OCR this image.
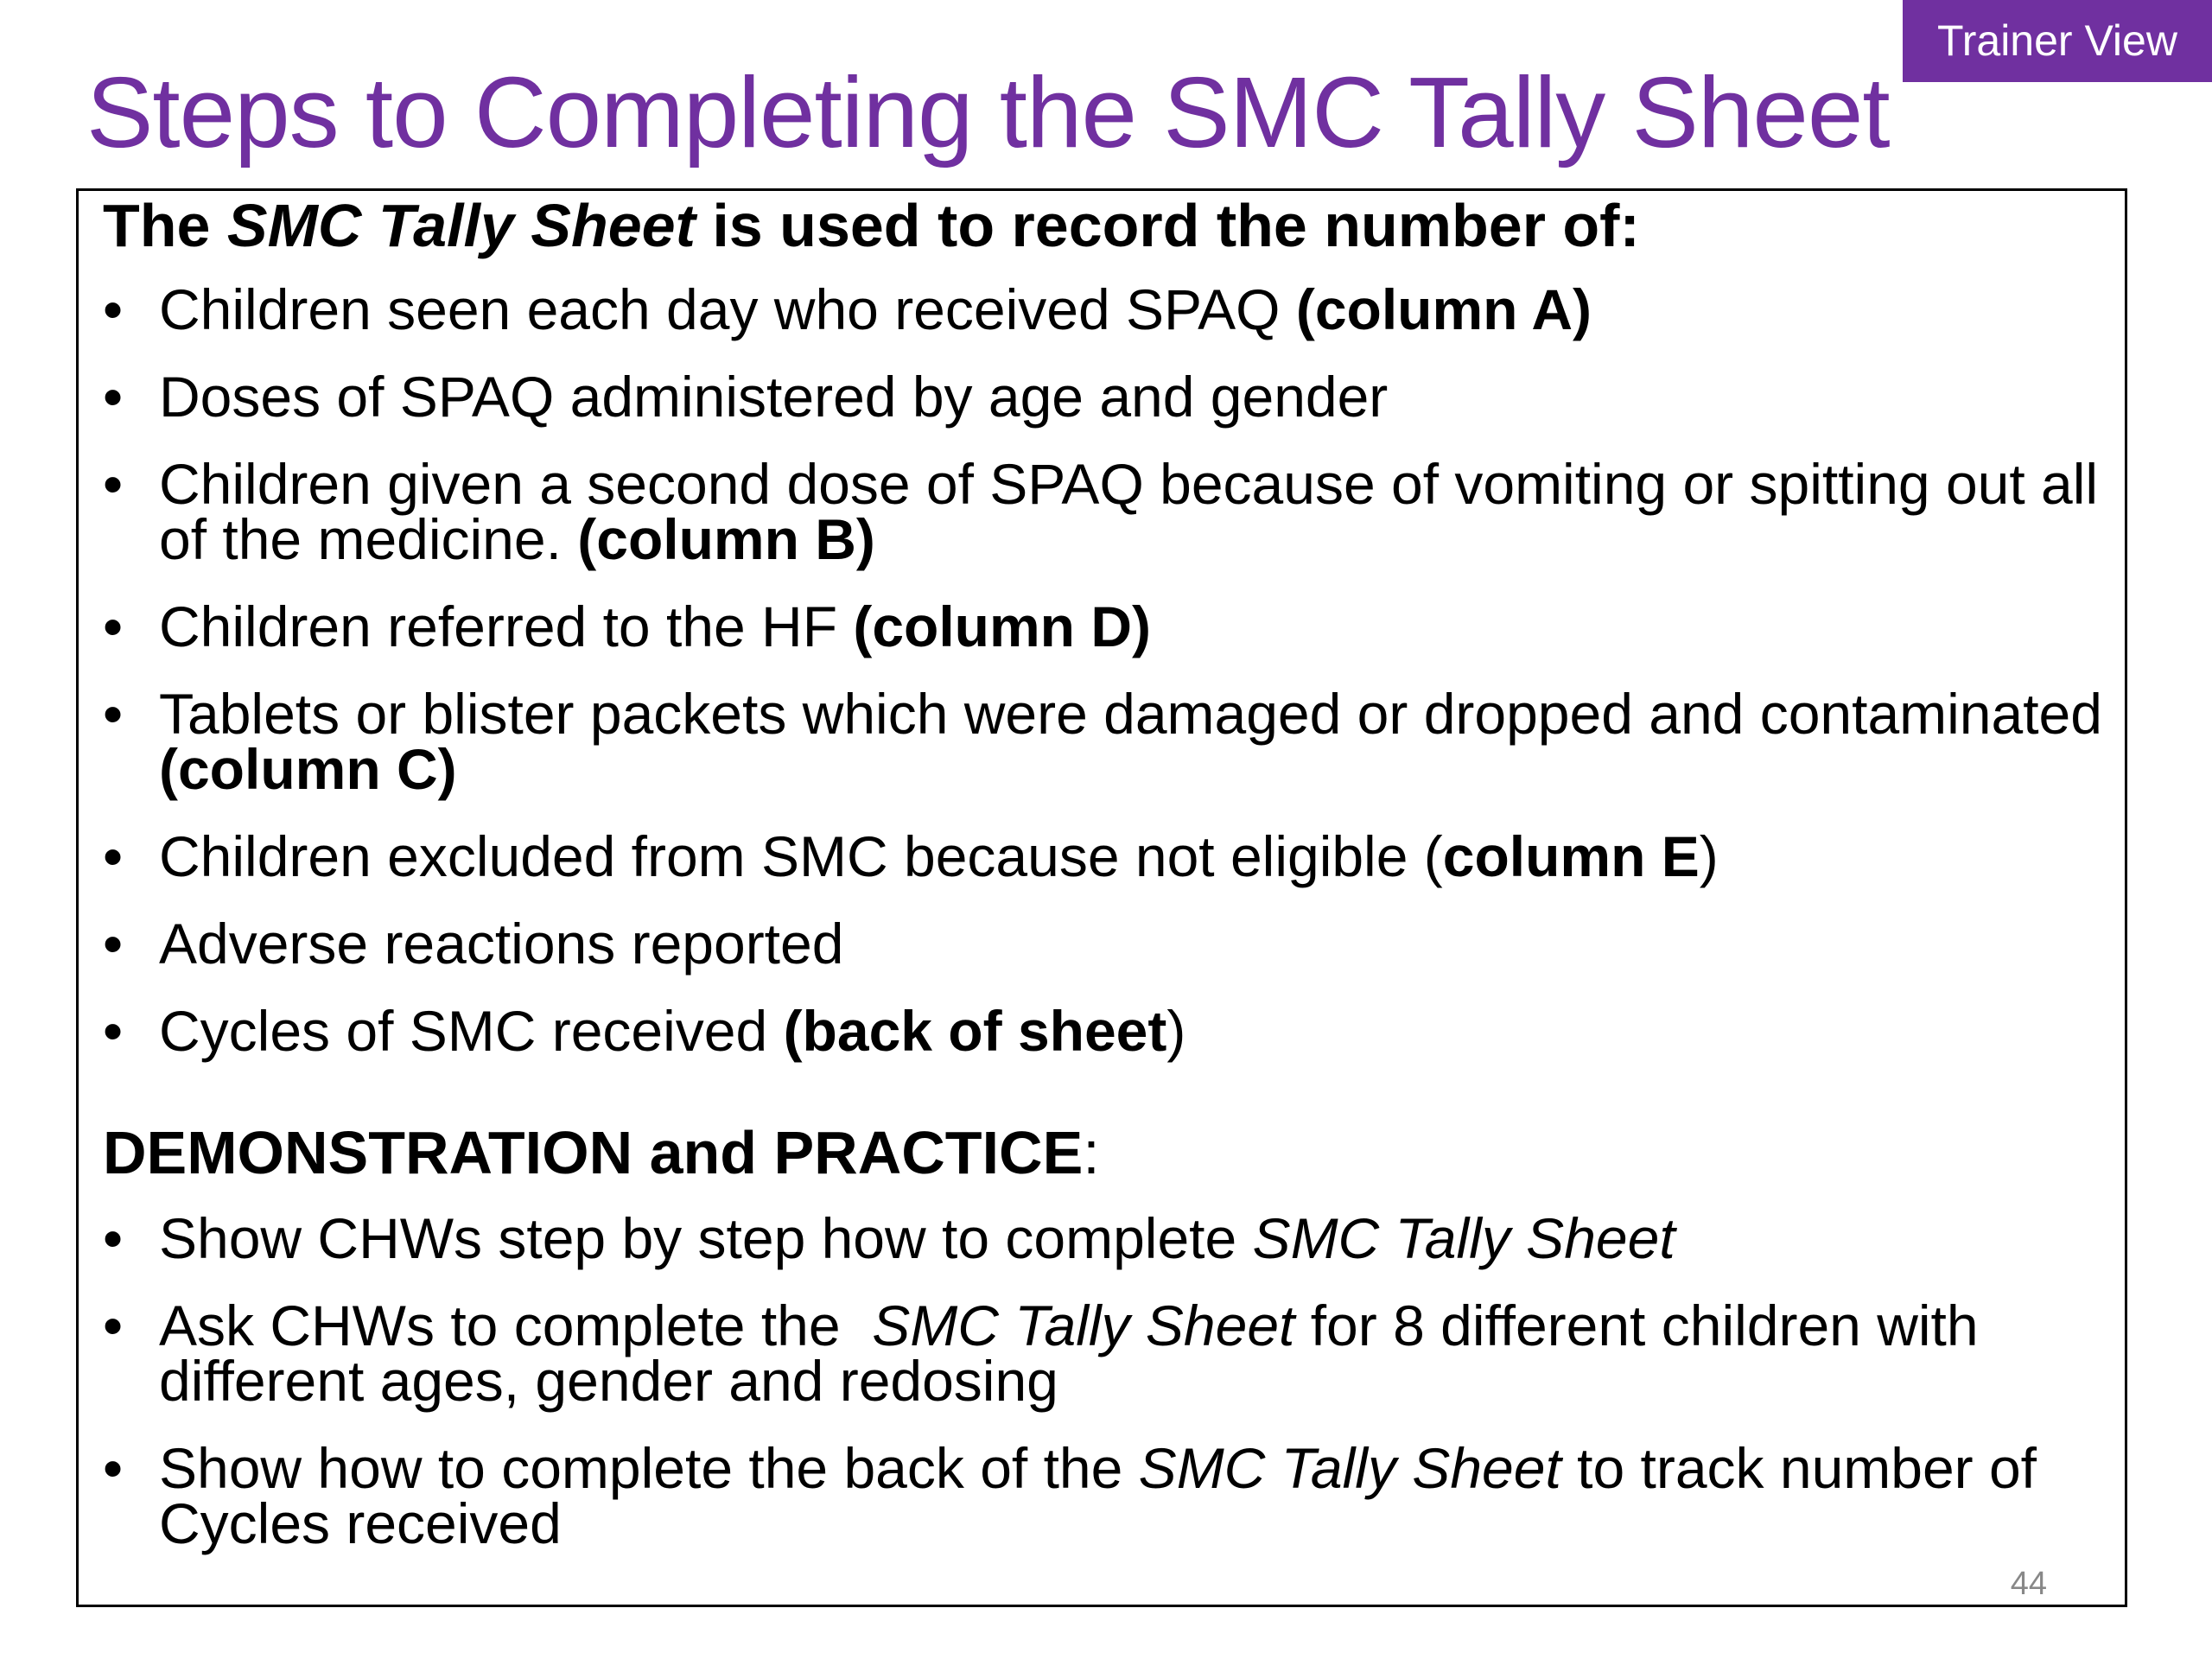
Trainer View
Steps to Completing the SMC Tally Sheet
The SMC Tally Sheet is used to record the number of:
• Children seen each day who received SPAQ (column A)
• Doses of SPAQ administered by age and gender
• Children given a second dose of SPAQ because of vomiting or spitting out all of the medicine. (column B)
• Children referred to the HF (column D)
• Tablets or blister packets which were damaged or dropped and contaminated (column C)
• Children excluded from SMC because not eligible (column E)
• Adverse reactions reported
• Cycles of SMC received (back of sheet)
DEMONSTRATION and PRACTICE:
• Show CHWs step by step how to complete SMC Tally Sheet
• Ask CHWs to complete the  SMC Tally Sheet for 8 different children with  different ages, gender and redosing
• Show how to complete the back of the SMC Tally Sheet to track number of Cycles received
44
